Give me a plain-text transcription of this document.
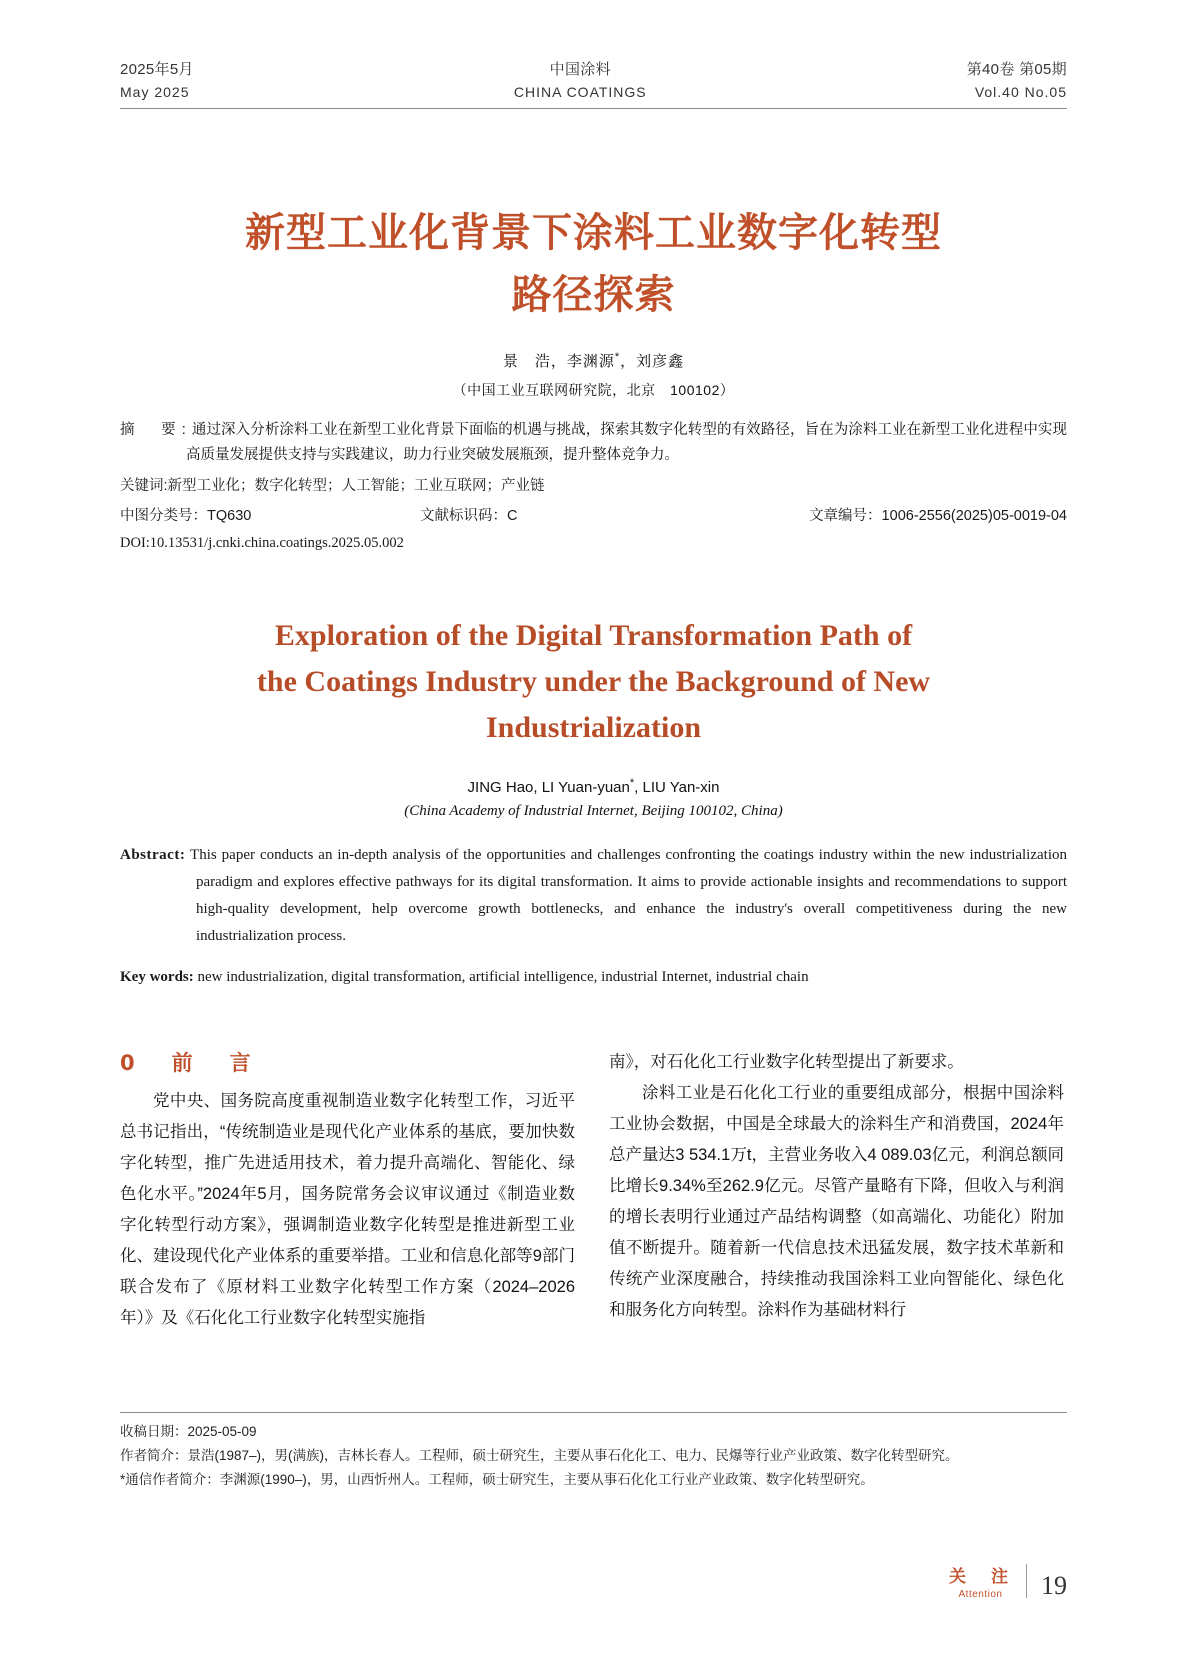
2025年5月
May 2025
中国涂料
CHINA COATINGS
第40卷 第05期
Vol.40 No.05
新型工业化背景下涂料工业数字化转型
路径探索
景　浩，李渊源*，刘彦鑫
（中国工业互联网研究院，北京　100102）

摘　要:通过深入分析涂料工业在新型工业化背景下面临的机遇与挑战，探索其数字化转型的有效路径，旨在为涂料工业在新型工业化进程中实现高质量发展提供支持与实践建议，助力行业突破发展瓶颈，提升整体竞争力。

关键词:新型工业化；数字化转型；人工智能；工业互联网；产业链
中图分类号：TQ630	文献标识码：C	文章编号：1006-2556(2025)05-0019-04
DOI:10.13531/j.cnki.china.coatings.2025.05.002
Exploration of the Digital Transformation Path of
the Coatings Industry under the Background of New
Industrialization
JING Hao, LI Yuan-yuan*, LIU Yan-xin
(China Academy of Industrial Internet, Beijing 100102, China)
Abstract: This paper conducts an in-depth analysis of the opportunities and challenges confronting the coatings industry within the new industrialization paradigm and explores effective pathways for its digital transformation. It aims to provide actionable insights and recommendations to support high-quality development, help overcome growth bottlenecks, and enhance the industry's overall competitiveness during the new industrialization process.
Key words: new industrialization, digital transformation, artificial intelligence, industrial Internet, industrial chain
0　前　言

党中央、国务院高度重视制造业数字化转型工作，习近平总书记指出，“传统制造业是现代化产业体系的基底，要加快数字化转型，推广先进适用技术，着力提升高端化、智能化、绿色化水平。”2024年5月，国务院常务会议审议通过《制造业数字化转型行动方案》，强调制造业数字化转型是推进新型工业化、建设现代化产业体系的重要举措。工业和信息化部等9部门联合发布了《原材料工业数字化转型工作方案（2024–2026年）》及《石化化工行业数字化转型实施指

南》，对石化化工行业数字化转型提出了新要求。

涂料工业是石化化工行业的重要组成部分，根据中国涂料工业协会数据，中国是全球最大的涂料生产和消费国，2024年总产量达3 534.1万t，主营业务收入4 089.03亿元，利润总额同比增长9.34%至262.9亿元。尽管产量略有下降，但收入与利润的增长表明行业通过产品结构调整（如高端化、功能化）附加值不断提升。随着新一代信息技术迅猛发展，数字技术革新和传统产业深度融合，持续推动我国涂料工业向智能化、绿色化和服务化方向转型。涂料作为基础材料行

收稿日期：2025-05-09
作者简介：景浩(1987–)，男(满族)，吉林长春人。工程师，硕士研究生，主要从事石化化工、电力、民爆等行业产业政策、数字化转型研究。
*通信作者简介：李渊源(1990–)，男，山西忻州人。工程师，硕士研究生，主要从事石化化工行业产业政策、数字化转型研究。
关　注
Attention	19
